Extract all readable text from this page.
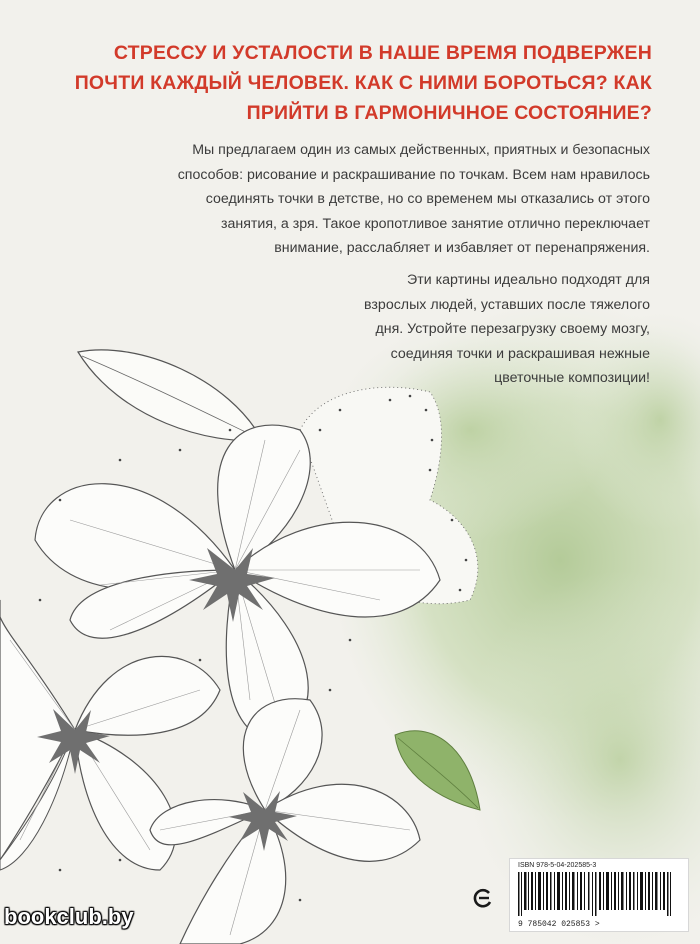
СТРЕССУ И УСТАЛОСТИ В НАШЕ ВРЕМЯ ПОДВЕРЖЕН
ПОЧТИ КАЖДЫЙ ЧЕЛОВЕК. КАК С НИМИ БОРОТЬСЯ? КАК
ПРИЙТИ В ГАРМОНИЧНОЕ СОСТОЯНИЕ?

Мы предлагаем один из самых действенных, приятных и безопасных
способов: рисование и раскрашивание по точкам. Всем нам нравилось
соединять точки в детстве, но со временем мы отказались от этого
занятия, а зря. Такое кропотливое занятие отлично переключает
внимание, расслабляет и избавляет от перенапряжения.

Эти картины идеально подходят для
взрослых людей, уставших после тяжелого
дня. Устройте перезагрузку своему мозгу,
соединяя точки и раскрашивая нежные
цветочные композиции!

ISBN 978-5-04-202585-3
9 785042 025853 >
bookclub.by
